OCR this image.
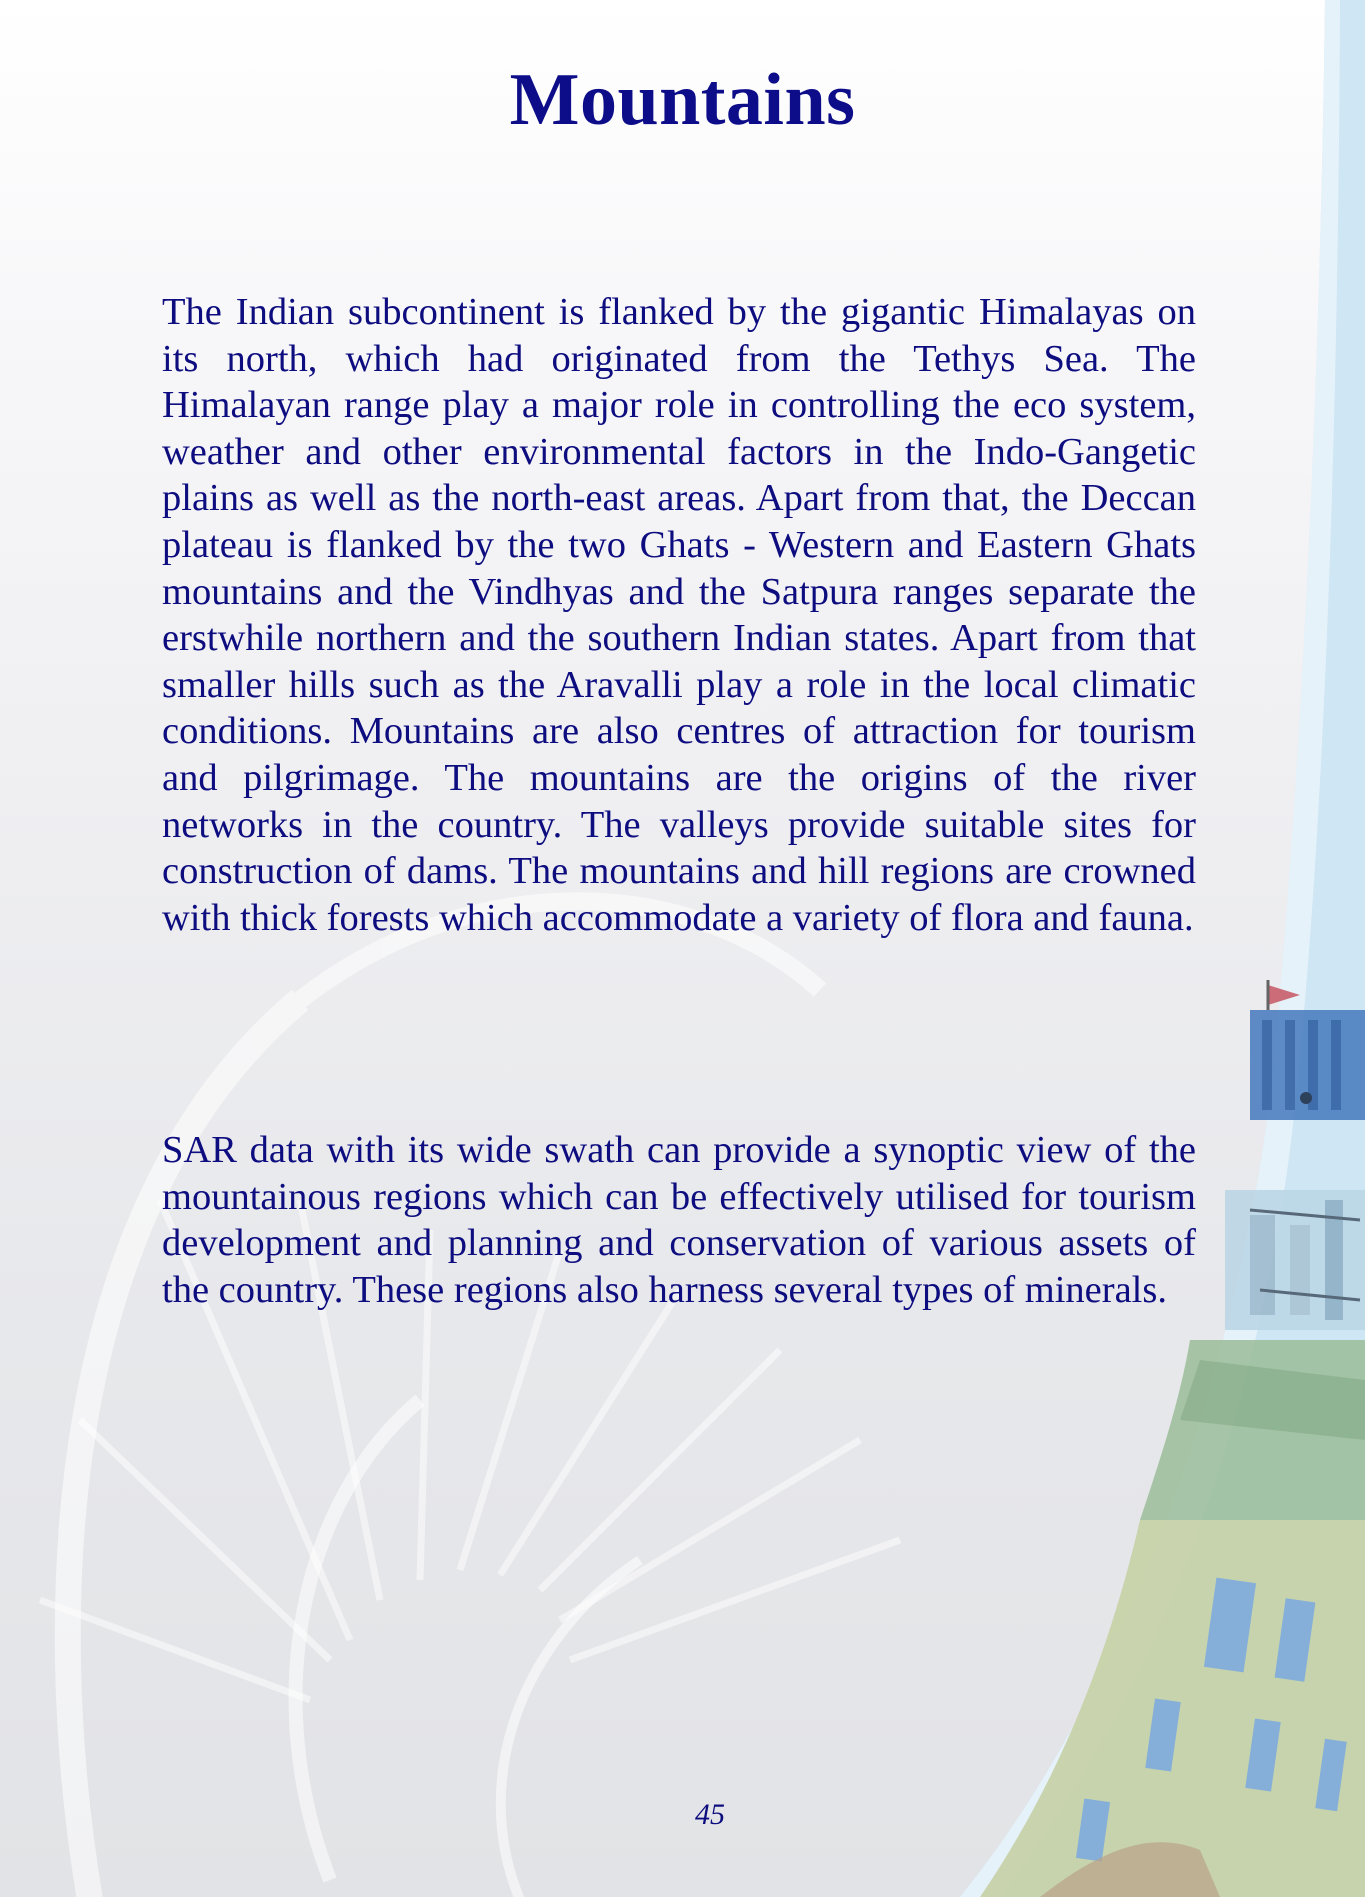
Mountains

The Indian subcontinent is flanked by the gigantic Himalayas on its north, which had originated from the Tethys Sea. The Himalayan range play a major role in controlling the eco system, weather and other environmental factors in the Indo-Gangetic plains as well as the north-east areas. Apart from that, the Deccan plateau is flanked by the two Ghats - Western and Eastern Ghats mountains and the Vindhyas and the Satpura ranges separate the erstwhile northern and the southern Indian states. Apart from that smaller hills such as the Aravalli play a role in the local climatic conditions. Mountains are also centres of attraction for tourism and pilgrimage. The mountains are the origins of the river networks in the country. The valleys provide suitable sites for construction of dams. The mountains and hill regions are crowned with thick forests which accommodate a variety of flora and fauna.

SAR data with its wide swath can provide a synoptic view of the mountainous regions which can be effectively utilised for tourism development and planning and conservation of various assets of the country. These regions also harness several types of minerals.

45
